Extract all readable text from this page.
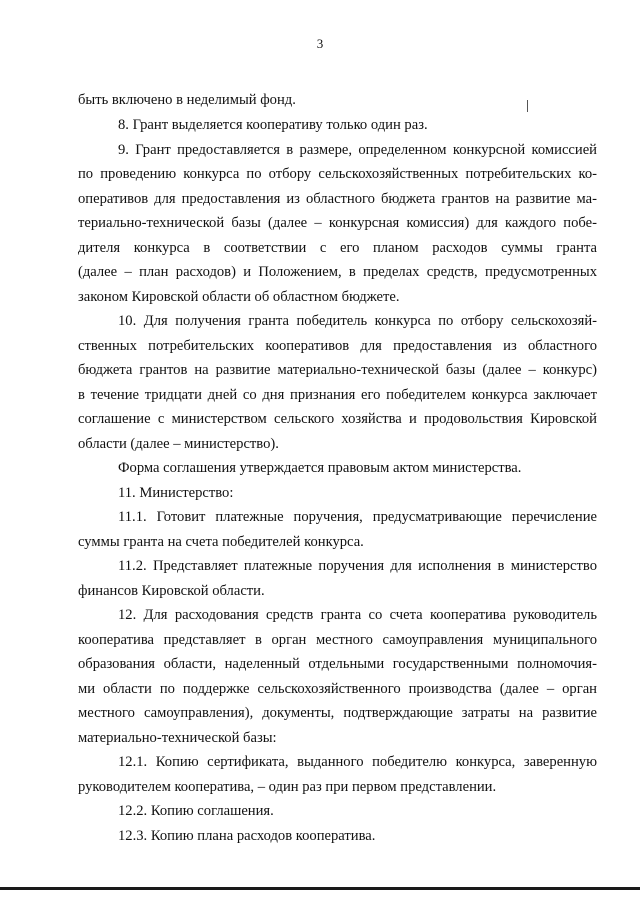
3
быть включено в неделимый фонд.
8. Грант выделяется кооперативу только один раз.
9. Грант предоставляется в размере, определенном конкурсной комиссией
по проведению конкурса по отбору сельскохозяйственных потребительских ко-
оперативов для предоставления из областного бюджета грантов на развитие ма-
териально-технической базы (далее – конкурсная комиссия) для каждого побе-
дителя конкурса в соответствии с его планом расходов суммы гранта
(далее – план расходов) и Положением, в пределах средств, предусмотренных
законом Кировской области об областном бюджете.
10. Для получения гранта победитель конкурса по отбору сельскохозяй-
ственных потребительских кооперативов для предоставления из областного
бюджета грантов на развитие материально-технической базы (далее – конкурс)
в течение тридцати дней со дня признания его победителем конкурса заключает
соглашение с министерством сельского хозяйства и продовольствия Кировской
области (далее – министерство).
Форма соглашения утверждается правовым актом министерства.
11. Министерство:
11.1. Готовит платежные поручения, предусматривающие перечисление
суммы гранта на счета победителей конкурса.
11.2. Представляет платежные поручения для исполнения в министерство
финансов Кировской области.
12. Для расходования средств гранта со счета кооператива руководитель
кооператива представляет в орган местного самоуправления муниципального
образования области, наделенный отдельными государственными полномочия-
ми области по поддержке сельскохозяйственного производства (далее – орган
местного самоуправления), документы, подтверждающие затраты на развитие
материально-технической базы:
12.1. Копию сертификата, выданного победителю конкурса, заверенную
руководителем кооператива, – один раз при первом представлении.
12.2. Копию соглашения.
12.3. Копию плана расходов кооператива.
